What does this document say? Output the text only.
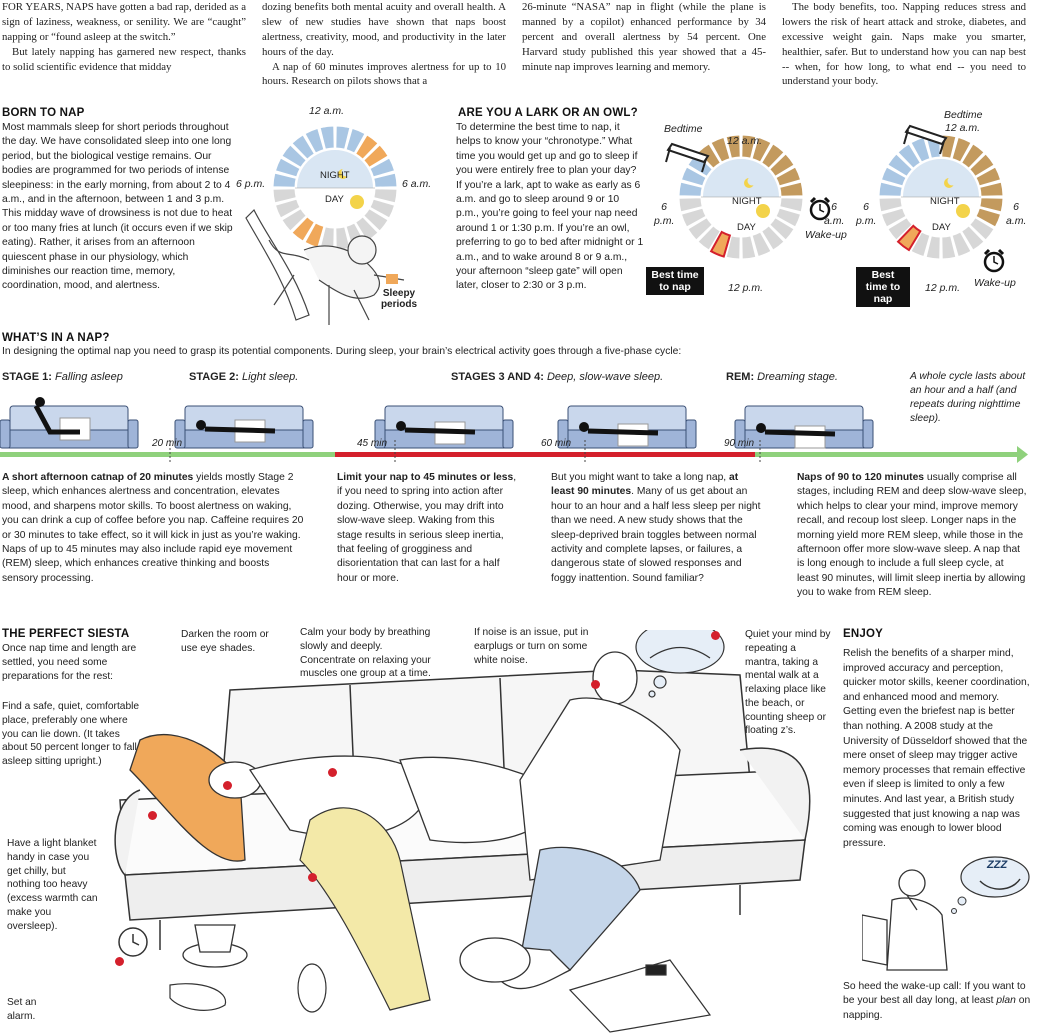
FOR YEARS, NAPS have gotten a bad rap, derided as a sign of laziness, weakness, or senility. We are “caught” napping or “found asleep at the switch.”
But lately napping has garnered new respect, thanks to solid scientific evidence that midday
dozing benefits both mental acuity and overall health. A slew of new studies have shown that naps boost alertness, creativity, mood, and productivity in the later hours of the day.
A nap of 60 minutes improves alertness for up to 10 hours. Research on pilots shows that a
26-minute “NASA” nap in flight (while the plane is manned by a copilot) enhanced performance by 34 percent and overall alertness by 54 percent. One Harvard study published this year showed that a 45-minute nap improves learning and memory.
The body benefits, too. Napping reduces stress and lowers the risk of heart attack and stroke, diabetes, and excessive weight gain. Naps make you smarter, healthier, safer. But to understand how you can nap best -- when, for how long, to what end -- you need to understand your body.
BORN TO NAP
Most mammals sleep for short periods throughout the day. We have consolidated sleep into one long period, but the biological vestige remains. Our bodies are programmed for two periods of intense sleepiness: in the early morning, from about 2 to 4 a.m., and in the afternoon, between 1 and 3 p.m. This midday wave of drowsiness is not due to heat or too many fries at lunch (it occurs even if we skip eating). Rather, it arises from an afternoon quiescent phase in our physiology, which diminishes our reaction time, memory, coordination, mood, and alertness.
12 a.m.
6 p.m.	6 a.m.
NIGHT
DAY
Sleepy periods
ARE YOU A LARK OR AN OWL?
To determine the best time to nap, it helps to know your “chronotype.” What time you would get up and go to sleep if you were entirely free to plan your day? If you’re a lark, apt to wake as early as 6 a.m. and go to sleep around 9 or 10 p.m., you’re going to feel your nap need around 1 or 1:30 p.m. If you’re an owl, preferring to go to bed after midnight or 1 a.m., and to wake around 8 or 9 a.m., your afternoon “sleep gate” will open later, closer to 2:30 or 3 p.m.
Bedtime
12 a.m.
6 p.m.
6 a.m.
12 p.m.
Wake-up
NIGHT
DAY
Best time to nap
Bedtime
12 a.m.
6 p.m.
6 a.m.
12 p.m. Wake-up
NIGHT
DAY
Best time to nap
WHAT’S IN A NAP?
In designing the optimal nap you need to grasp its potential components. During sleep, your brain’s electrical activity goes through a five-phase cycle:
STAGE 1: Falling asleep	STAGE 2: Light sleep.	STAGES 3 AND 4: Deep, slow-wave sleep.	REM: Dreaming stage.	A whole cycle lasts about an hour and a half (and repeats during nighttime sleep).
20 min	45 min	60 min	90 min
A short afternoon catnap of 20 minutes yields mostly Stage 2 sleep, which enhances alertness and concentration, elevates mood, and sharpens motor skills. To boost alertness on waking, you can drink a cup of coffee before you nap. Caffeine requires 20 or 30 minutes to take effect, so it will kick in just as you’re waking. Naps of up to 45 minutes may also include rapid eye movement (REM) sleep, which enhances creative thinking and boosts sensory processing.
Limit your nap to 45 minutes or less, if you need to spring into action after dozing. Otherwise, you may drift into slow-wave sleep. Waking from this stage results in serious sleep inertia, that feeling of grogginess and disorientation that can last for a half hour or more.
But you might want to take a long nap, at least 90 minutes. Many of us get about an hour to an hour and a half less sleep per night than we need. A new study shows that the sleep-deprived brain toggles between normal activity and complete lapses, or failures, a dangerous state of slowed responses and foggy inattention. Sound familiar?
Naps of 90 to 120 minutes usually comprise all stages, including REM and deep slow-wave sleep, which helps to clear your mind, improve memory recall, and recoup lost sleep. Longer naps in the morning yield more REM sleep, while those in the afternoon offer more slow-wave sleep. A nap that is long enough to include a full sleep cycle, at least 90 minutes, will limit sleep inertia by allowing you to wake from REM sleep.
THE PERFECT SIESTA
Once nap time and length are settled, you need some preparations for the rest:
Find a safe, quiet, comfortable place, preferably one where you can lie down. (It takes about 50 percent longer to fall asleep sitting upright.)
Have a light blanket handy in case you get chilly, but nothing too heavy (excess warmth can make you oversleep).
Set an alarm.
Darken the room or use eye shades.
Calm your body by breathing slowly and deeply. Concentrate on relaxing your muscles one group at a time.
If noise is an issue, put in earplugs or turn on some white noise.
Quiet your mind by repeating a mantra, taking a mental walk at a relaxing place like the beach, or counting sheep or floating z’s.
ENJOY
Relish the benefits of a sharper mind, improved accuracy and perception, quicker motor skills, keener coordination, and enhanced mood and memory. Getting even the briefest nap is better than nothing. A 2008 study at the University of Düsseldorf showed that the mere onset of sleep may trigger active memory processes that remain effective even if sleep is limited to only a few minutes. And last year, a British study suggested that just knowing a nap was coming was enough to lower blood pressure.
ZZZ
So heed the wake-up call: If you want to be your best all day long, at least plan on napping.
